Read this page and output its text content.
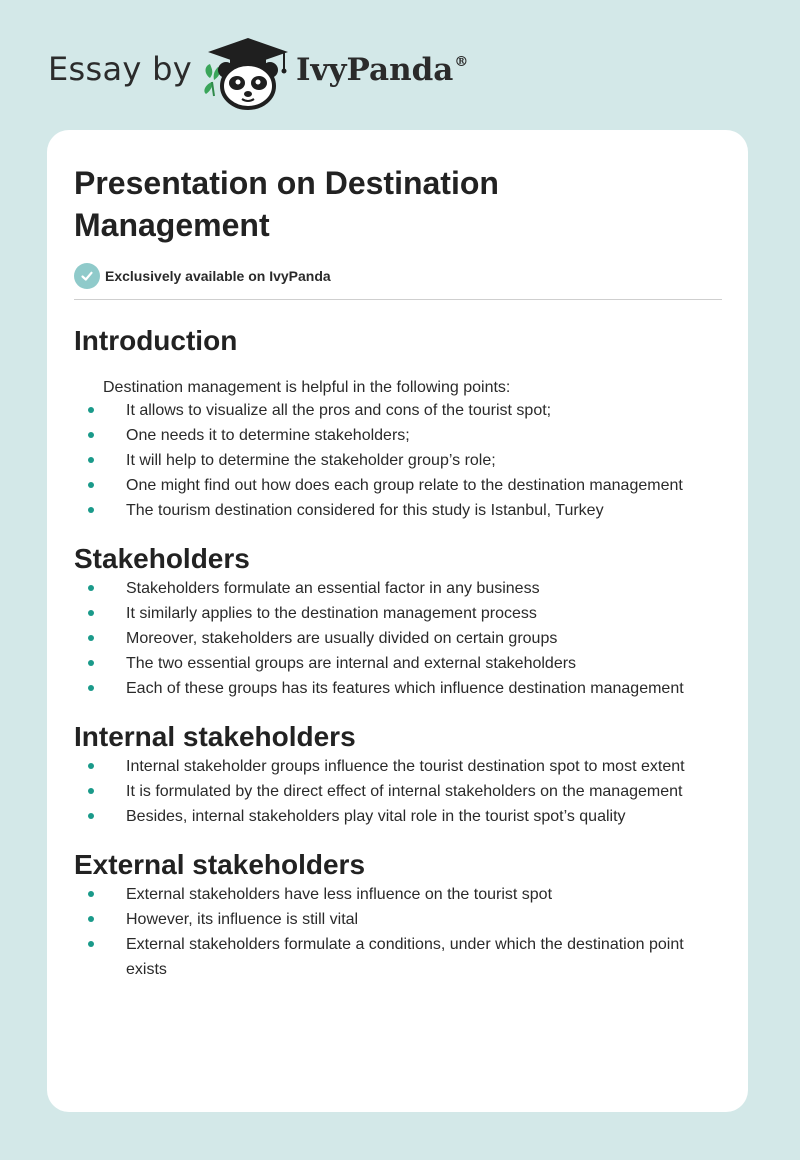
Essay by	IvyPanda®
Presentation on Destination Management
Exclusively available on IvyPanda
Introduction

Destination management is helpful in the following points:

It allows to visualize all the pros and cons of the tourist spot;
One needs it to determine stakeholders;
It will help to determine the stakeholder group’s role;
One might find out how does each group relate to the destination management
The tourism destination considered for this study is Istanbul, Turkey
Stakeholders
Stakeholders formulate an essential factor in any business
It similarly applies to the destination management process
Moreover, stakeholders are usually divided on certain groups
The two essential groups are internal and external stakeholders
Each of these groups has its features which influence destination management
Internal stakeholders
Internal stakeholder groups influence the tourist destination spot to most extent
It is formulated by the direct effect of internal stakeholders on the management
Besides, internal stakeholders play vital role in the tourist spot’s quality
External stakeholders
External stakeholders have less influence on the tourist spot
However, its influence is still vital
External stakeholders formulate a conditions, under which the destination point exists
